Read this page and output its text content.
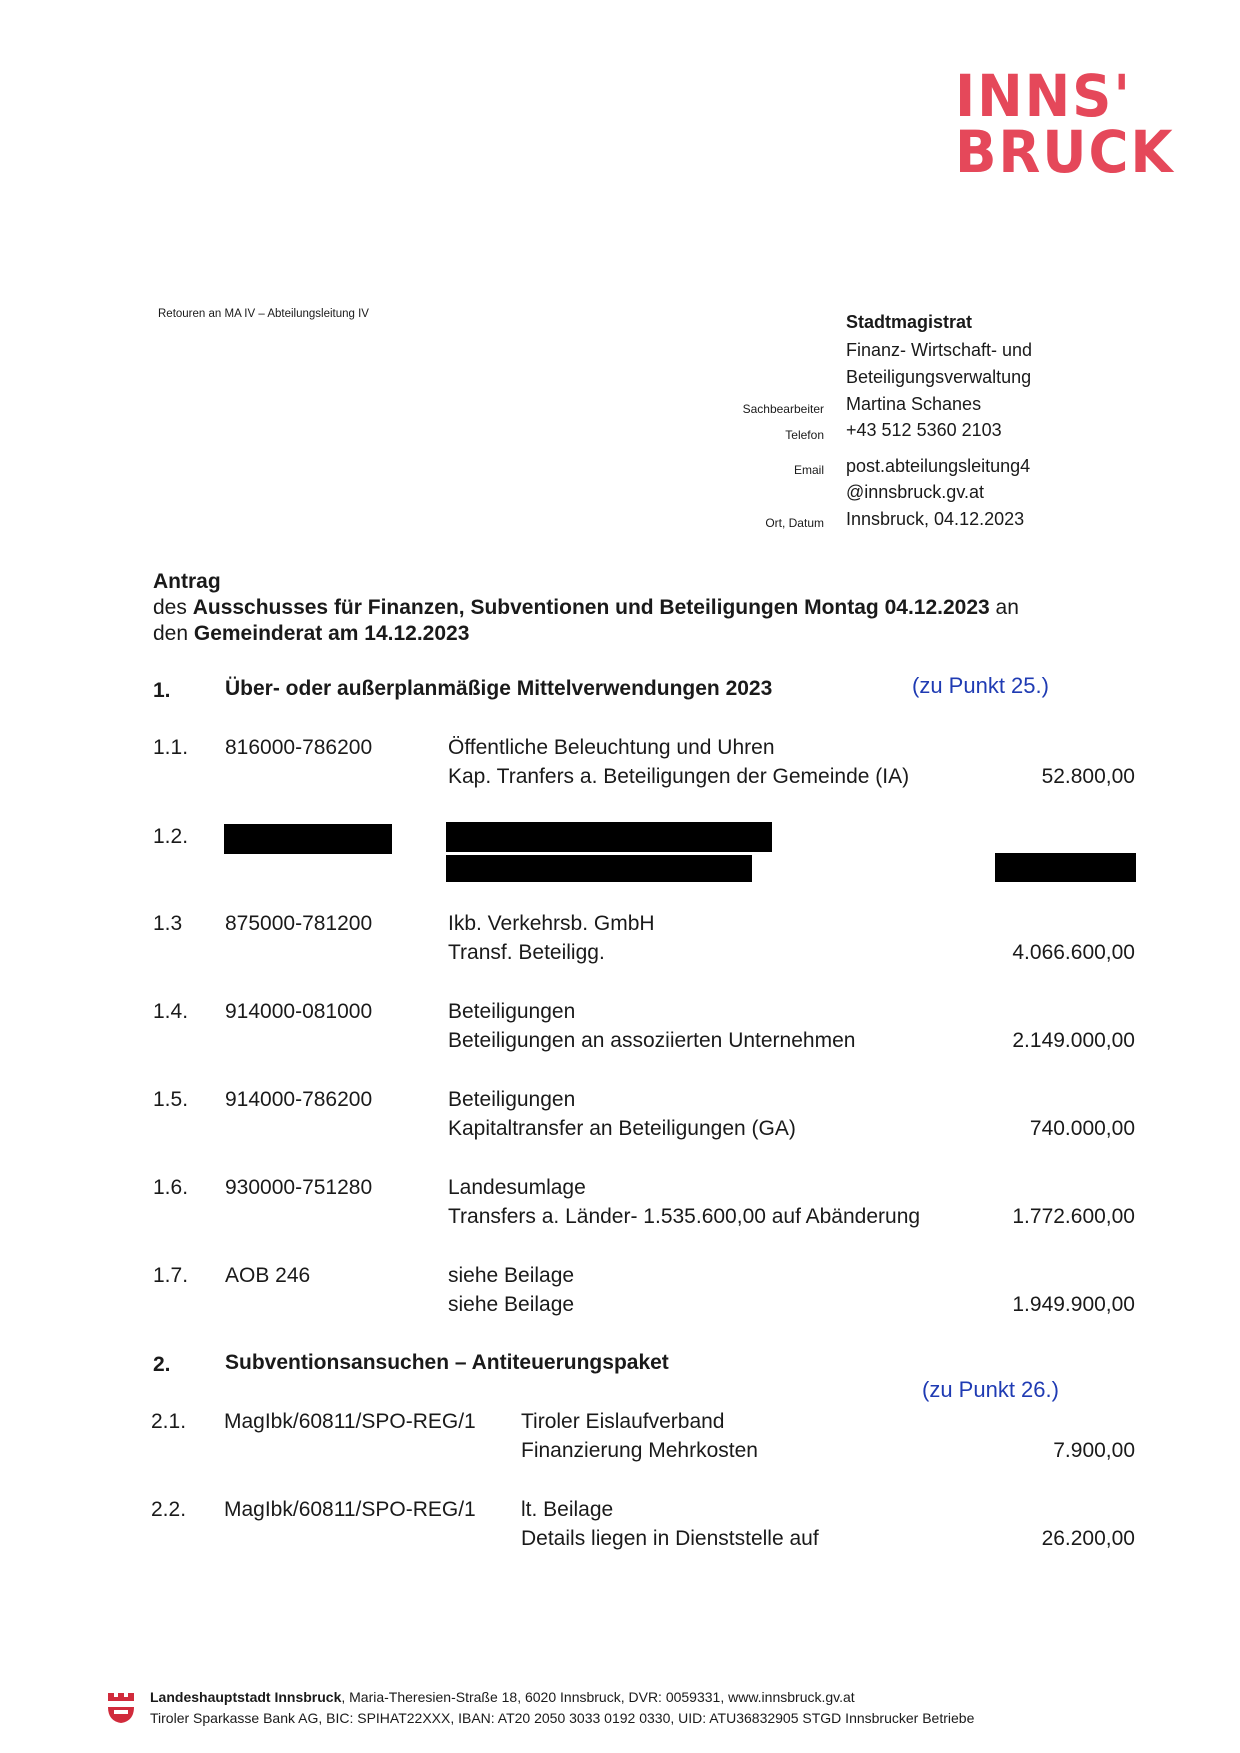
INNS'
BRUCK
Retouren an MA IV – Abteilungsleitung IV	Stadtmagistrat
Finanz- Wirtschaft- und
Beteiligungsverwaltung
Sachbearbeiter Martina Schanes
Telefon +43 512 5360 2103
Email post.abteilungsleitung4
@innsbruck.gv.at
Ort, Datum Innsbruck, 04.12.2023
Antrag
des Ausschusses für Finanzen, Subventionen und Beteiligungen Montag 04.12.2023 an
den Gemeinderat am 14.12.2023
1.	Über- oder außerplanmäßige Mittelverwendungen 2023	(zu Punkt 25.)
1.1. 816000-786200	Öffentliche Beleuchtung und Uhren
Kap. Tranfers a. Beteiligungen der Gemeinde (IA)	52.800,00
1.2.
1.3 875000-781200	Ikb. Verkehrsb. GmbH
Transf. Beteiligg.	4.066.600,00
1.4. 914000-081000	Beteiligungen
Beteiligungen an assoziierten Unternehmen	2.149.000,00
1.5. 914000-786200	Beteiligungen
Kapitaltransfer an Beteiligungen (GA)	740.000,00
1.6. 930000-751280	Landesumlage
Transfers a. Länder- 1.535.600,00 auf Abänderung	1.772.600,00
1.7. AOB 246	siehe Beilage
siehe Beilage	1.949.900,00
2.	Subventionsansuchen – Antiteuerungspaket
(zu Punkt 26.)
2.1. MagIbk/60811/SPO-REG/1 Tiroler Eislaufverband
Finanzierung Mehrkosten	7.900,00
2.2. MagIbk/60811/SPO-REG/1 lt. Beilage
Details liegen in Dienststelle auf	26.200,00
Landeshauptstadt Innsbruck, Maria-Theresien-Straße 18, 6020 Innsbruck, DVR: 0059331, www.innsbruck.gv.at
Tiroler Sparkasse Bank AG, BIC: SPIHAT22XXX, IBAN: AT20 2050 3033 0192 0330, UID: ATU36832905 STGD Innsbrucker Betriebe
